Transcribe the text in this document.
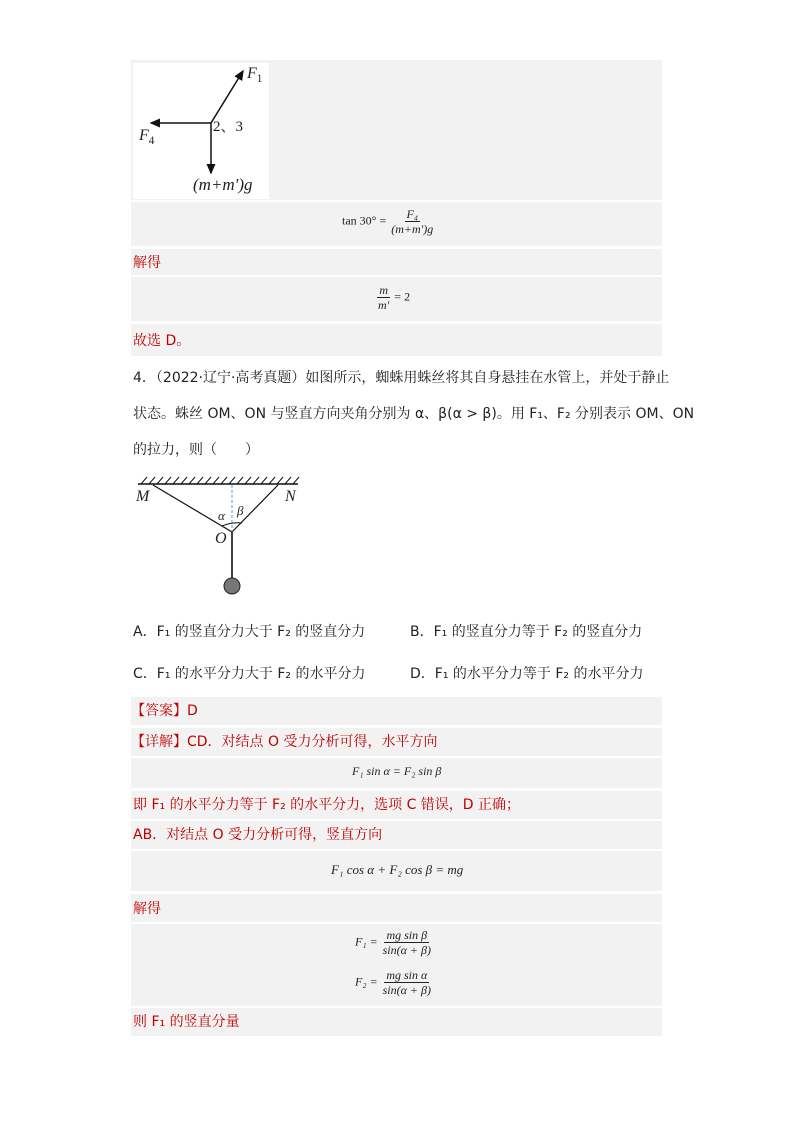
$F_1$
$F_4$
2、3
(m+m')g
$\tan 30^\circ = \frac{\text{F₄}}{(m+m')g}$
解得
$\frac{m}{m'} = 2$
故选 D。
4．（2022·辽宁·高考真题）如图所示，蜘蛛用蛛丝将其自身悬挂在水管上，并处于静止
状态。蛛丝 OM、ON 与竖直方向夹角分别为 α、β(α > β)。用 F₁、F₂ 分别表示 OM、ON
的拉力，则（　　）
M	N
O
α β
A．F₁ 的竖直分力大于 F₂ 的竖直分力	B．F₁ 的竖直分力等于 F₂ 的竖直分力
C．F₁ 的水平分力大于 F₂ 的水平分力	D．F₁ 的水平分力等于 F₂ 的水平分力
【答案】D
【详解】CD．对结点 O 受力分析可得，水平方向
F₁ sin α = F₂ sin β
即 F₁ 的水平分力等于 F₂ 的水平分力，选项 C 错误，D 正确；
AB．对结点 O 受力分析可得，竖直方向
F₁ cos α + F₂ cos β = mg
解得
$F_1 = \frac{\text{mg sin β}}{\sin(\alpha + \beta)}$
$F_2 = \frac{\text{mg sin α}}{\sin(\alpha + \beta)}$
则 F₁ 的竖直分量
